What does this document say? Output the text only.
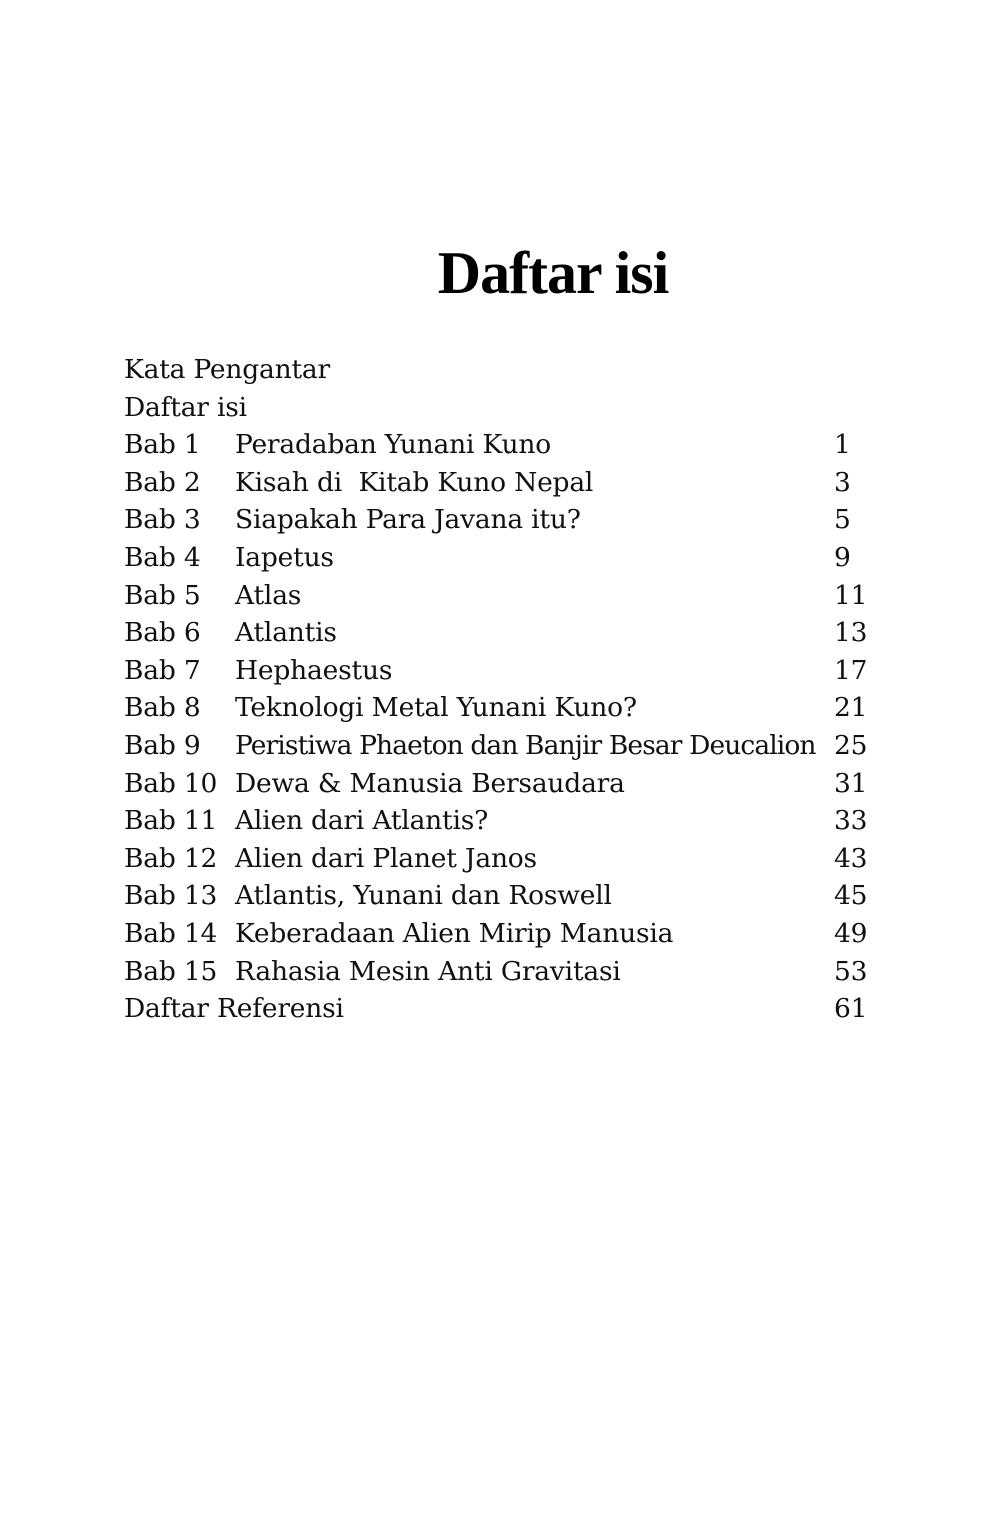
Daftar isi
Kata Pengantar
Daftar isi
Bab 1 Peradaban Yunani Kuno	1
Bab 2 Kisah di  Kitab Kuno Nepal	3
Bab 3 Siapakah Para Javana itu?	5
Bab 4 Iapetus	9
Bab 5 Atlas	11
Bab 6 Atlantis	13
Bab 7 Hephaestus	17
Bab 8 Teknologi Metal Yunani Kuno?	21
Bab 9 Peristiwa Phaeton dan Banjir Besar Deucalion 25
Bab 10 Dewa & Manusia Bersaudara	31
Bab 11 Alien dari Atlantis?	33
Bab 12 Alien dari Planet Janos	43
Bab 13 Atlantis, Yunani dan Roswell	45
Bab 14 Keberadaan Alien Mirip Manusia	49
Bab 15 Rahasia Mesin Anti Gravitasi	53
Daftar Referensi	61
